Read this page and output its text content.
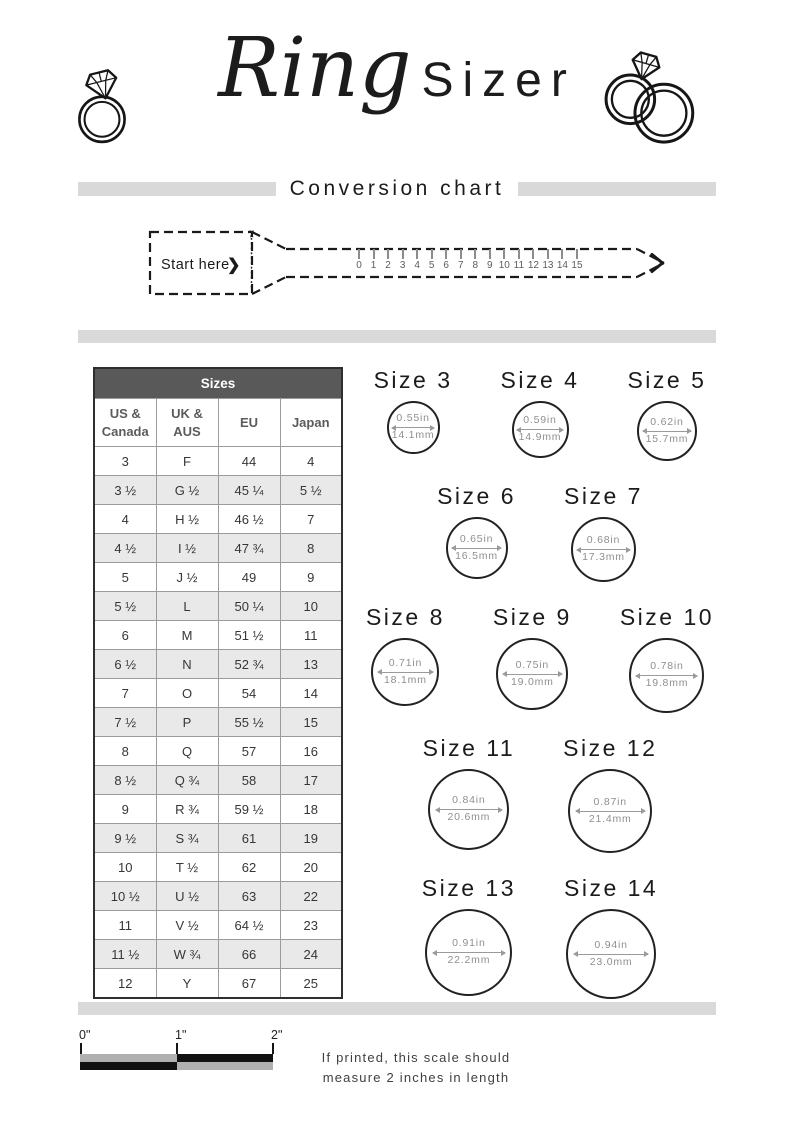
Ring Sizer
Conversion chart
✂
Start here
❯	0 1 2 3 4 5 6 7 8 9 10 11 12 13 14 15
Sizes			
US & Canada	UK & AUS	EU	Japan
3	F	44	4
3 ½	G ½	45 ¼	5 ½
4	H ½	46 ½	7
4 ½	I ½	47 ¾	8
5	J ½	49	9
5 ½	L	50 ¼	10
6	M	51 ½	11
6 ½	N	52 ¾	13
7	O	54	14
7 ½	P	55 ½	15
8	Q	57	16
8 ½	Q ¾	58	17
9	R ¾	59 ½	18
9 ½	S ¾	61	19
10	T ½	62	20
10 ½	U ½	63	22
11	V ½	64 ½	23
11 ½	W ¾	66	24
12	Y	67	25
Size 3
0.55in
14.1mm
Size 4
0.59in
14.9mm
Size 5
0.62in
15.7mm
Size 6
0.65in
16.5mm
Size 7
0.68in
17.3mm
Size 8
0.71in
18.1mm
Size 9
0.75in
19.0mm
Size 10
0.78in
19.8mm
Size 11
0.84in
20.6mm
Size 12
0.87in
21.4mm
Size 13
0.91in
22.2mm
Size 14
0.94in
23.0mm
0"	1"	2"
If printed, this scale should
measure 2 inches in length
